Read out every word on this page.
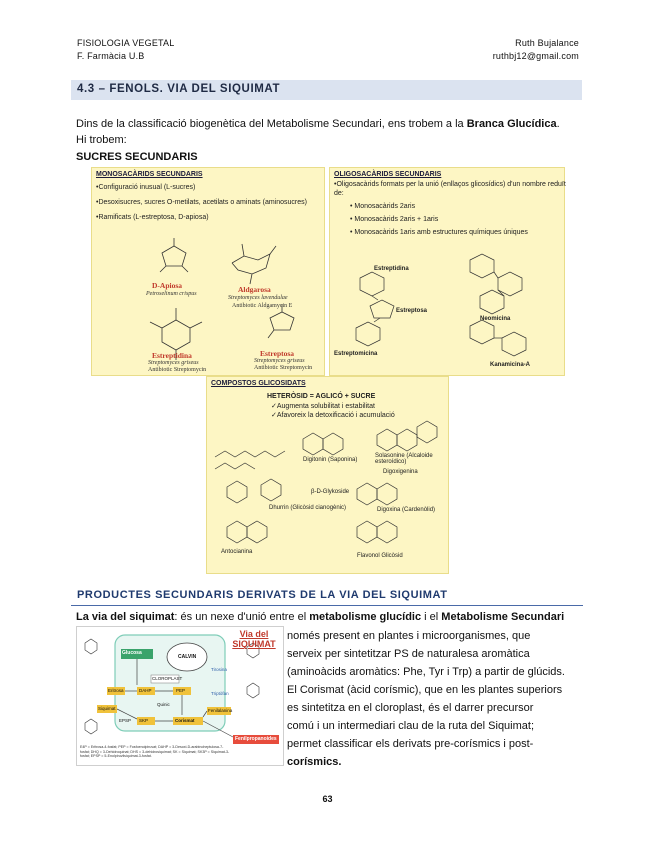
FISIOLOGIA VEGETAL
F. Farmàcia U.B
Ruth Bujalance
ruthbj12@gmail.com
4.3 – FENOLS. VIA DEL SIQUIMAT
Dins de la classificació biogenètica del Metabolisme Secundari, ens trobem a la Branca Glucídica.
Hi trobem:
SUCRES SECUNDARIS
MONOSACÀRIDS SECUNDARIS
•Configuració inusual (L-sucres)
•Desoxisucres, sucres O-metilats, acetilats o aminats (aminosucres)
•Ramificats (L-estreptosa, D-apiosa)
D-Apiosa
Petroselinum crispus	Aldgarosa
Streptomyces lavendulae
Antibiotic Aldgamycin E
Estreptidina
Streptomyces griseus
Antibiotic Streptomycin
Estreptosa
Streptomyces griseus
Antibiotic Streptomycin
OLIGOSACÀRIDS SECUNDARIS
•Oligosacàrids formats per la unió (enllaços glicosídics) d'un nombre reduït
de:
• Monosacàrids 2aris
• Monosacàrids 2aris + 1aris
• Monosacàrids 1aris amb estructures químiques úniques
Estreptidina
Estreptosa
Estreptomicina
Neomicina
Kanamicina-A
COMPOSTOS GLICOSIDATS
HETERÒSID = AGLICÓ + SUCRE
✓Augmenta solubilitat i estabilitat
✓Afavoreix la detoxificació i acumulació
Digitonin (Saponina)
Solasonine (Alcaloide esteroídico)
Digoxigenina
Dhurrin (Glicòsid cianogènic)
β-D-Glykoside
Digoxina (Cardenòlid)
Antocianina
Flavonol Glicòsid
PRODUCTES SECUNDARIS DERIVATS DE LA VIA DEL SIQUIMAT
La via del siquimat: és un nexe d'unió entre el metabolisme glucídic i el Metabolisme Secundari
Via del
SIQUIMAT
Glucosa
CALVIN
CLOROPLAST
Eritrosa	DAHP	PEP
Quinic
Siquimat
SKP
EPSP	Corismat
Fenilalanina
Tirosina
Triptòfan
Fenilpropanoides
E4P = Eritrosa-4-fosfat; PEP = Fosfoenolpiruvat; DAHP = 3-Desoxi-D-arabinoheptulosa-7-fosfat; DHQ = 3-Dehidroquinat; DHS = 3-dehidrosiquimat; SK = Siquimat; SK3P = Siquimat-3-fosfat; EPSP = 5-Enolpiruvilsiquimat-3-fosfat.
només present en plantes i microorganismes, que
serveix per sintetitzar PS de naturalesa aromàtica
(aminoàcids aromàtics: Phe, Tyr i Trp) a partir de glúcids.
El Corismat (àcid corísmic), que en les plantes superiors
es sintetitza en el cloroplast, és el darrer precursor
comú i un intermediari clau de la ruta del Siquimat;
permet classificar els derivats pre-corísmics i post-
corísmics.
63
